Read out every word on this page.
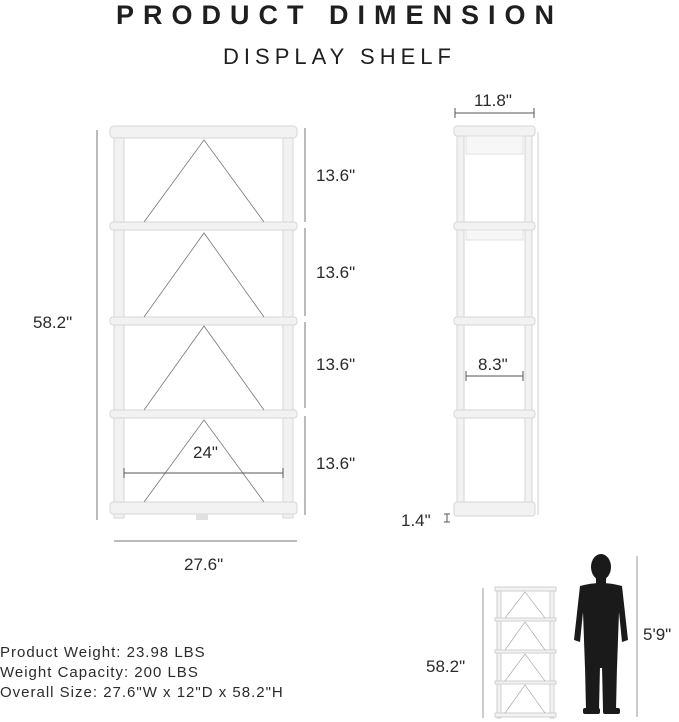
PRODUCT DIMENSION
DISPLAY SHELF
58.2"
27.6"
24"
13.6"
13.6"
13.6"
13.6"
11.8"
8.3"
1.4"
58.2"
5'9"
Product Weight: 23.98 LBS
Weight Capacity: 200 LBS
Overall Size: 27.6"W x 12"D x 58.2"H
